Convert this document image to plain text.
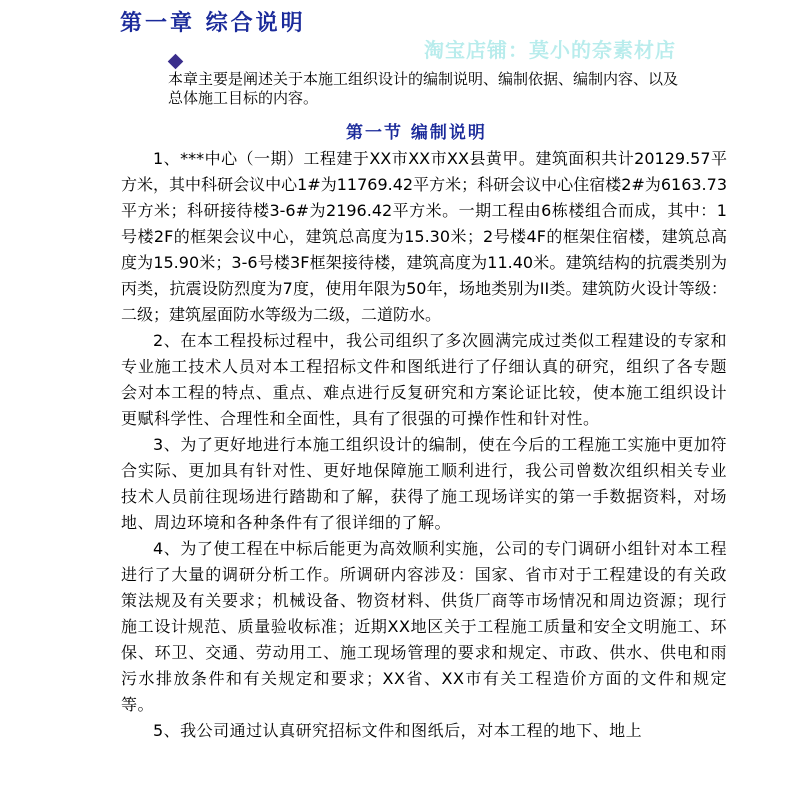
第一章 综合说明
淘宝店铺：莫小的奈素材店

本章主要是阐述关于本施工组织设计的编制说明、编制依据、编制内容、以及

总体施工目标的内容。

第一节 编制说明

1、***中心（一期）工程建于XX市XX市XX县黄甲。建筑面积共计20129.57平方米，其中科研会议中心1#为11769.42平方米；科研会议中心住宿楼2#为6163.73平方米；科研接待楼3-6#为2196.42平方米。一期工程由6栋楼组合而成，其中：1号楼2F的框架会议中心，建筑总高度为15.30米；2号楼4F的框架住宿楼，建筑总高度为15.90米；3-6号楼3F框架接待楼，建筑高度为11.40米。建筑结构的抗震类别为丙类，抗震设防烈度为7度，使用年限为50年，场地类别为II类。建筑防火设计等级：二级；建筑屋面防水等级为二级，二道防水。

2、在本工程投标过程中，我公司组织了多次圆满完成过类似工程建设的专家和专业施工技术人员对本工程招标文件和图纸进行了仔细认真的研究，组织了各专题会对本工程的特点、重点、难点进行反复研究和方案论证比较，使本施工组织设计更赋科学性、合理性和全面性，具有了很强的可操作性和针对性。

3、为了更好地进行本施工组织设计的编制，使在今后的工程施工实施中更加符合实际、更加具有针对性、更好地保障施工顺利进行，我公司曾数次组织相关专业技术人员前往现场进行踏勘和了解，获得了施工现场详实的第一手数据资料，对场地、周边环境和各种条件有了很详细的了解。

4、为了使工程在中标后能更为高效顺利实施，公司的专门调研小组针对本工程进行了大量的调研分析工作。所调研内容涉及：国家、省市对于工程建设的有关政策法规及有关要求；机械设备、物资材料、供货厂商等市场情况和周边资源；现行施工设计规范、质量验收标准；近期XX地区关于工程施工质量和安全文明施工、环保、环卫、交通、劳动用工、施工现场管理的要求和规定、市政、供水、供电和雨污水排放条件和有关规定和要求；XX省、XX市有关工程造价方面的文件和规定等。

5、我公司通过认真研究招标文件和图纸后，对本工程的地下、地上
